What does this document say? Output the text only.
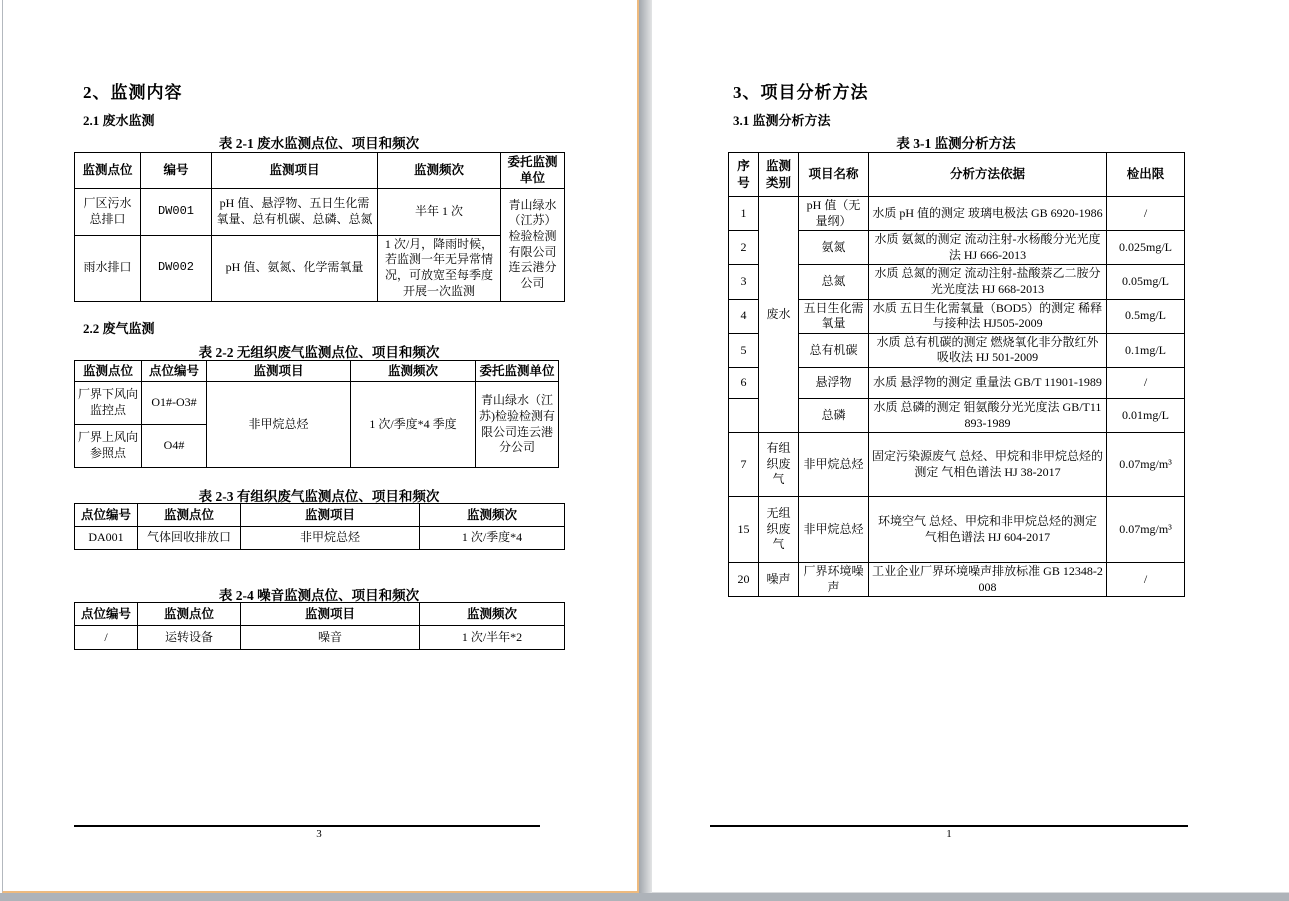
2、监测内容
2.1 废水监测
表 2-1 废水监测点位、项目和频次
监测点位	编号	监测项目	监测频次	委托监测单位
厂区污水总排口	DW001	pH 值、悬浮物、五日生化需氧量、总有机碳、总磷、总氮	半年 1 次	青山绿水（江苏）检验检测有限公司连云港分公司
雨水排口	DW002	pH 值、氨氮、化学需氧量	1 次/月，降雨时候，若监测一年无异常情况，可放宽至每季度开展一次监测	
2.2 废气监测
表 2-2 无组织废气监测点位、项目和频次
监测点位	点位编号	监测项目	监测频次	委托监测单位
厂界下风向监控点	O1#-O3#	非甲烷总烃	1 次/季度*4 季度	青山绿水（江苏)检验检测有限公司连云港分公司
厂界上风向参照点	O4#			
表 2-3 有组织废气监测点位、项目和频次
点位编号	监测点位	监测项目	监测频次
DA001	气体回收排放口	非甲烷总烃	1 次/季度*4
表 2-4 噪音监测点位、项目和频次
点位编号	监测点位	监测项目	监测频次
/	运转设备	噪音	1 次/半年*2
3
3、项目分析方法
3.1 监测分析方法
表 3-1 监测分析方法
序号	监测类别	项目名称	分析方法依据	检出限
1	废水	pH 值（无量纲）	水质 pH 值的测定 玻璃电极法 GB 6920-1986	/
2		氨氮	水质 氨氮的测定 流动注射-水杨酸分光光度法 HJ 666-2013	0.025mg/L
3		总氮	水质 总氮的测定 流动注射-盐酸萘乙二胺分光光度法 HJ 668-2013	0.05mg/L
4		五日生化需氧量	水质 五日生化需氧量（BOD5）的测定 稀释与接种法 HJ505-2009	0.5mg/L
5		总有机碳	水质 总有机碳的测定 燃烧氧化非分散红外吸收法 HJ 501-2009	0.1mg/L
6		悬浮物	水质 悬浮物的测定 重量法 GB/T 11901-1989	/
		总磷	水质 总磷的测定 钼氨酸分光光度法 GB/T11893-1989	0.01mg/L
7	有组织废气	非甲烷总烃	固定污染源废气 总烃、甲烷和非甲烷总烃的测定 气相色谱法 HJ 38-2017	0.07mg/m³
15	无组织废气	非甲烷总烃	环境空气 总烃、甲烷和非甲烷总烃的测定 气相色谱法 HJ 604-2017	0.07mg/m³
20	噪声	厂界环境噪声	工业企业厂界环境噪声排放标准 GB 12348-2008	/
1
